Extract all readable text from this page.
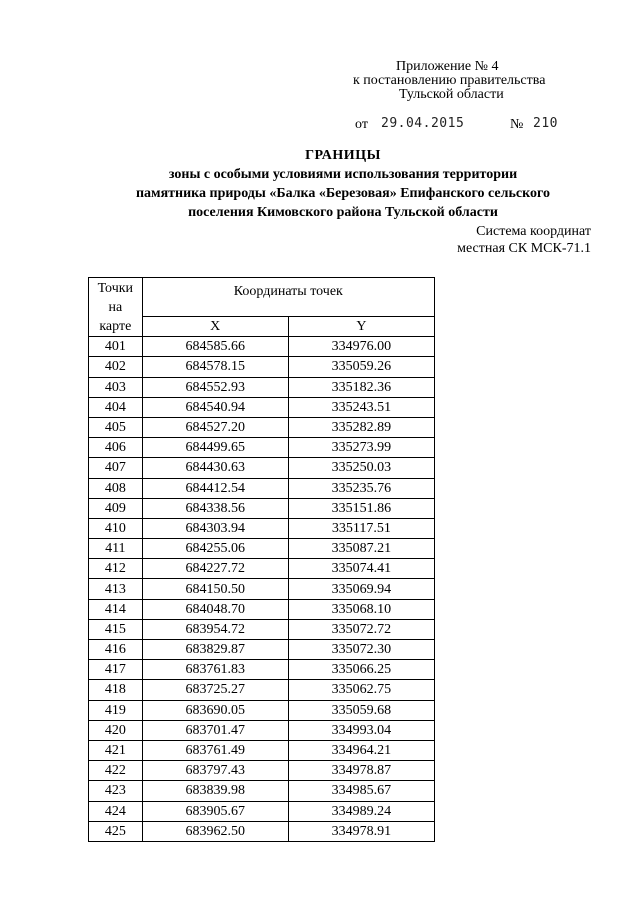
Приложение № 4
к постановлению правительства
Тульской области
от 29.04.2015	№ 210
ГРАНИЦЫ
зоны с особыми условиями использования территории
памятника природы «Балка «Березовая» Епифанского сельского
поселения Кимовского района Тульской области
Система координат
местная СК МСК-71.1
Точки
на
карте	Координаты точек	
	X	Y
401	684585.66	334976.00
402	684578.15	335059.26
403	684552.93	335182.36
404	684540.94	335243.51
405	684527.20	335282.89
406	684499.65	335273.99
407	684430.63	335250.03
408	684412.54	335235.76
409	684338.56	335151.86
410	684303.94	335117.51
411	684255.06	335087.21
412	684227.72	335074.41
413	684150.50	335069.94
414	684048.70	335068.10
415	683954.72	335072.72
416	683829.87	335072.30
417	683761.83	335066.25
418	683725.27	335062.75
419	683690.05	335059.68
420	683701.47	334993.04
421	683761.49	334964.21
422	683797.43	334978.87
423	683839.98	334985.67
424	683905.67	334989.24
425	683962.50	334978.91
